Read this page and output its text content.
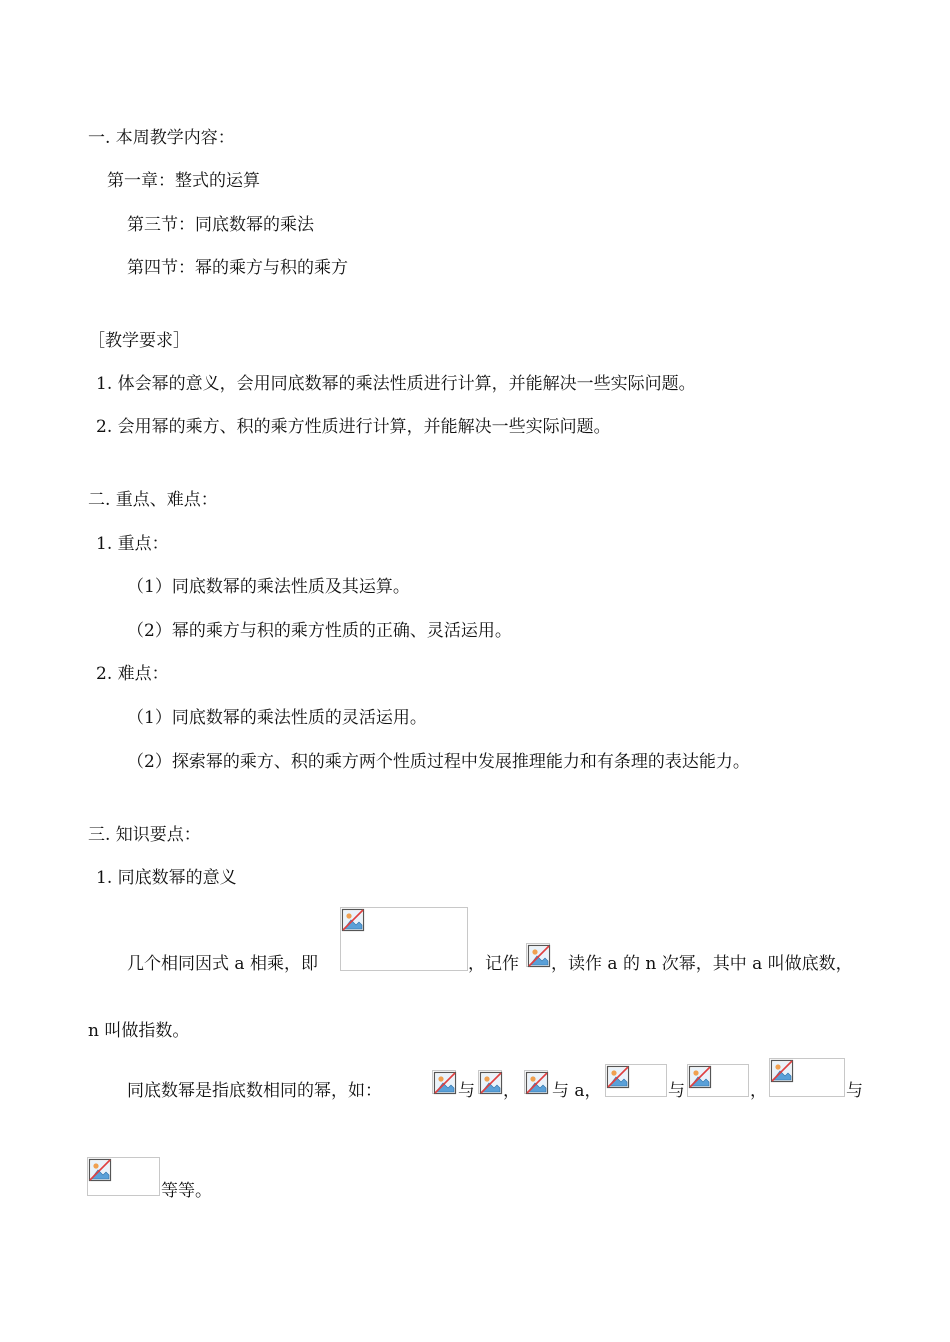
一. 本周教学内容：
第一章：整式的运算
第三节：同底数幂的乘法
第四节：幂的乘方与积的乘方
［教学要求］
1. 体会幂的意义，会用同底数幂的乘法性质进行计算，并能解决一些实际问题。
2. 会用幂的乘方、积的乘方性质进行计算，并能解决一些实际问题。
二. 重点、难点：
1. 重点：
（1）同底数幂的乘法性质及其运算。
（2）幂的乘方与积的乘方性质的正确、灵活运用。
2. 难点：
（1）同底数幂的乘法性质的灵活运用。
（2）探索幂的乘方、积的乘方两个性质过程中发展推理能力和有条理的表达能力。
三. 知识要点：
1. 同底数幂的意义
几个相同因式 a 相乘，即	，记作 ，读作 a 的 n 次幂，其中 a 叫做底数，
n 叫做指数。
同底数幂是指底数相同的幂，如：	与 ， 与 a，	与	，	与
等等。
